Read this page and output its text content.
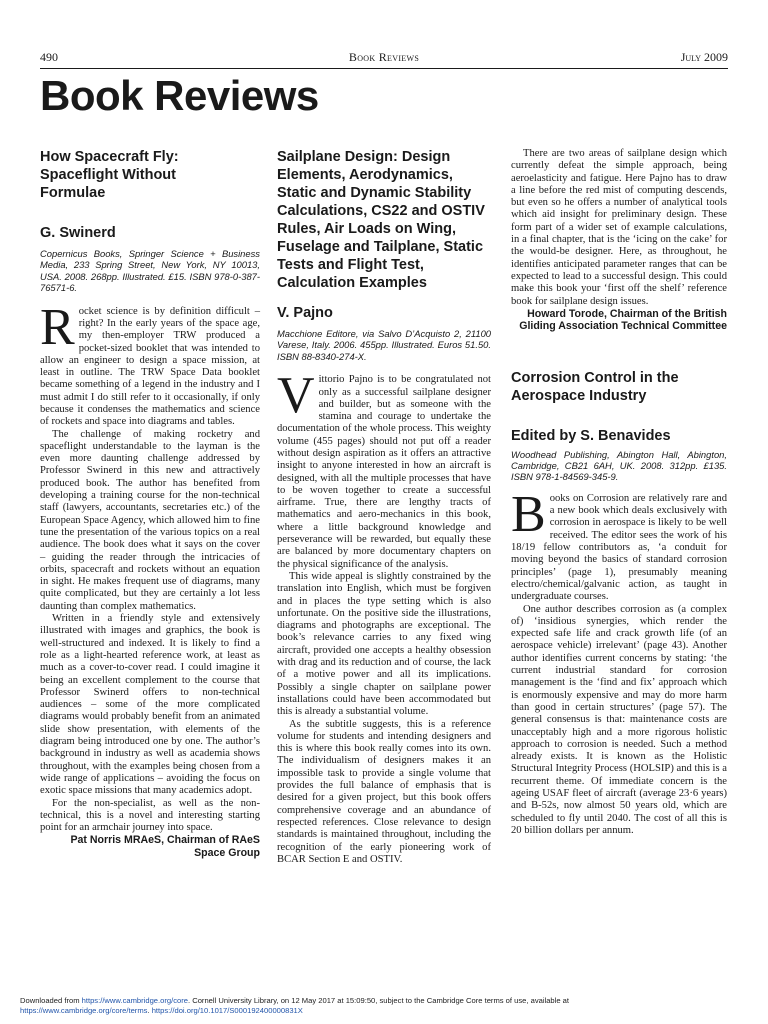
490	Book Reviews	July 2009
Book Reviews
How Spacecraft Fly: Spaceflight Without Formulae
G. Swinerd
Copernicus Books, Springer Science + Business Media, 233 Spring Street, New York, NY 10013, USA. 2008. 268pp. Illustrated. £15. ISBN 978-0-387-76571-6.
R ocket science is by definition difficult – right? In the early years of the space age, my then-employer TRW produced a pocket-sized booklet that was intended to allow an engineer to design a space mission, at least in outline. The TRW Space Data booklet became something of a legend in the industry and I must admit I do still refer to it occasionally, if only because it condenses the mathematics and science of rockets and space into diagrams and tables.

The challenge of making rocketry and spaceflight understandable to the layman is the even more daunting challenge addressed by Professor Swinerd in this new and attractively produced book. The author has benefited from developing a training course for the non-technical staff (lawyers, accountants, secretaries etc.) of the European Space Agency, which allowed him to fine tune the presentation of the various topics on a real audience. The book does what it says on the cover – guiding the reader through the intricacies of orbits, spacecraft and rockets without an equation in sight. He makes frequent use of diagrams, many quite complicated, but they are certainly a lot less daunting than complex mathematics.

Written in a friendly style and extensively illustrated with images and graphics, the book is well-structured and indexed. It is likely to find a role as a light-hearted reference work, at least as much as a cover-to-cover read. I could imagine it being an excellent complement to the course that Professor Swinerd offers to non-technical audiences – some of the more complicated diagrams would probably benefit from an animated slide show presentation, with elements of the diagram being introduced one by one. The author’s background in industry as well as academia shows throughout, with the examples being chosen from a wide range of applications – avoiding the focus on exotic space missions that many academics adopt.

For the non-specialist, as well as the non-technical, this is a novel and interesting starting point for an armchair journey into space.

Pat Norris MRAeS, Chairman of RAeS Space Group
Sailplane Design: Design Elements, Aerodynamics, Static and Dynamic Stability Calculations, CS22 and OSTIV Rules, Air Loads on Wing, Fuselage and Tailplane, Static Tests and Flight Test, Calculation Examples
V. Pajno
Macchione Editore, via Salvo D’Acquisto 2, 21100 Varese, Italy. 2006. 455pp. Illustrated. Euros 51.50. ISBN 88-8340-274-X.
V ittorio Pajno is to be congratulated not only as a successful sailplane designer and builder, but as someone with the stamina and courage to undertake the documentation of the whole process. This weighty volume (455 pages) should not put off a reader without design aspiration as it offers an attractive insight to anyone interested in how an aircraft is designed, with all the multiple processes that have to be woven together to create a successful airframe. True, there are lengthy tracts of mathematics and aero-mechanics in this book, where a little background knowledge and perseverance will be rewarded, but equally these are balanced by more documentary chapters on the physical significance of the analysis.

This wide appeal is slightly constrained by the translation into English, which must be forgiven and in places the type setting which is also unfortunate. On the positive side the illustrations, diagrams and photographs are exceptional. The book’s relevance carries to any fixed wing aircraft, provided one accepts a healthy obsession with drag and its reduction and of course, the lack of a motive power and all its implications. Possibly a single chapter on sailplane power installations could have been accommodated but this is already a substantial volume.

As the subtitle suggests, this is a reference volume for students and intending designers and this is where this book really comes into its own. The individualism of designers makes it an impossible task to provide a single volume that provides the full balance of emphasis that is desired for a given project, but this book offers comprehensive coverage and an abundance of respected references. Close relevance to design standards is maintained throughout, including the recognition of the early pioneering work of BCAR Section E and OSTIV.

There are two areas of sailplane design which currently defeat the simple approach, being aeroelasticity and fatigue. Here Pajno has to draw a line before the red mist of computing descends, but even so he offers a number of analytical tools which aid insight for preliminary design. These form part of a wider set of example calculations, in a final chapter, that is the ‘icing on the cake’ for the would-be designer. Here, as throughout, he identifies anticipated parameter ranges that can be expected to lead to a successful design. This could make this book your ‘first off the shelf’ reference book for sailplane design issues.

Howard Torode, Chairman of the British Gliding Association Technical Committee
Corrosion Control in the Aerospace Industry
Edited by S. Benavides
Woodhead Publishing, Abington Hall, Abington, Cambridge, CB21 6AH, UK. 2008. 312pp. £135. ISBN 978-1-84569-345-9.
B ooks on Corrosion are relatively rare and a new book which deals exclusively with corrosion in aerospace is likely to be well received. The editor sees the work of his 18/19 fellow contributors as, ‘a conduit for moving beyond the basics of standard corrosion principles’ (page 1), presumably meaning electro/chemical/galvanic action, as taught in undergraduate courses.

One author describes corrosion as (a complex of) ‘insidious synergies, which render the expected safe life and crack growth life (of an aerospace vehicle) irrelevant’ (page 43). Another author identifies current concerns by stating: ‘the current industrial standard for corrosion management is the ‘find and fix’ approach which is enormously expensive and may do more harm than good in certain structures’ (page 57). The general consensus is that: maintenance costs are unacceptably high and a more rigorous holistic approach to corrosion is needed. Such a method already exists. It is known as the Holistic Structural Integrity Process (HOLSIP) and this is a recurrent theme. Of immediate concern is the ageing USAF fleet of aircraft (average 23·6 years) and B-52s, now almost 50 years old, which are scheduled to fly until 2040. The cost of all this is 20 billion dollars per annum.

Downloaded from https://www.cambridge.org/core. Cornell University Library, on 12 May 2017 at 15:09:50, subject to the Cambridge Core terms of use, available at
https://www.cambridge.org/core/terms. https://doi.org/10.1017/S000192400000831X
